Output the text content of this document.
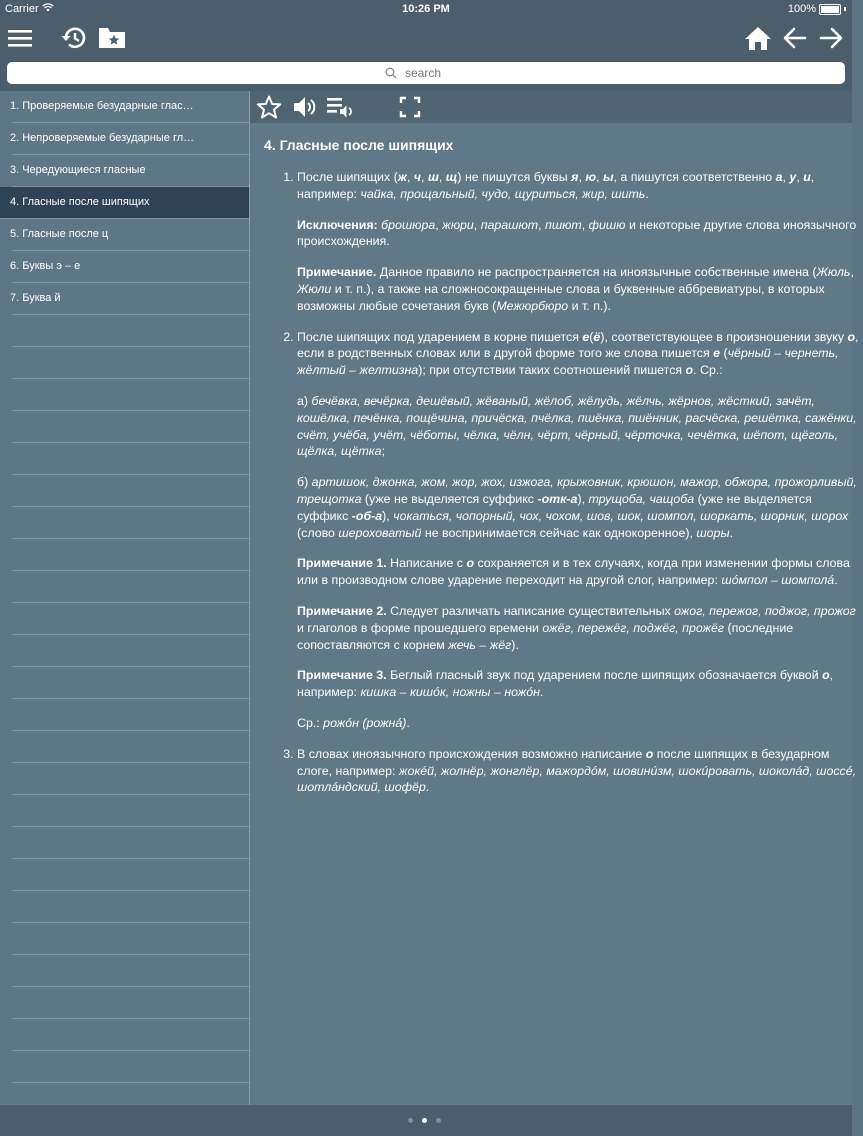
Carrier	10:26 PM	100%
search
1. Проверяемые безударные глас…
2. Непроверяемые безударные гл…
3. Чередующиеся гласные
4. Гласные после шипящих
5. Гласные после ц
6. Буквы э – е
7. Буква й
4. Гласные после шипящих

1. После шипящих (ж, ч, ш, щ) не пишутся буквы я, ю, ы, а пишутся соответственно а, у, и, например: чайка, прощальный, чудо, щуриться, жир, шить.

Исключения: брошюра, жюри, парашют, пшют, фишю и некоторые другие слова иноязычного происхождения.

Примечание. Данное правило не распространяется на иноязычные собственные имена (Жюль, Жюли и т. п.), а также на сложносокращенные слова и буквенные аббревиатуры, в которых возможны любые сочетания букв (Межюрбюро и т. п.).

2. После шипящих под ударением в корне пишется е(ё), соответствующее в произношении звуку о, если в родственных словах или в другой форме того же слова пишется е (чёрный – чернеть, жёлтый – желтизна); при отсутствии таких соотношений пишется о. Ср.:

а) бечёвка, вечёрка, дешёвый, жёваный, жёлоб, жёлудь, жёлчь, жёрнов, жёсткий, зачёт, кошёлка, печёнка, пощёчина, причёска, пчёлка, пшёнка, пшённик, расчёска, решётка, сажёнки, счёт, учёба, учёт, чёботы, чёлка, чёлн, чёрт, чёрный, чёрточка, чечётка, шёпот, щёголь, щёлка, щётка;

б) артишок, джонка, жом, жор, жох, изжога, крыжовник, крюшон, мажор, обжора, прожорливый, трещотка (уже не выделяется суффикс -отк-а), трущоба, чащоба (уже не выделяется суффикс -об-а), чокаться, чопорный, чох, чохом, шов, шок, шомпол, шоркать, шорник, шорох (слово шероховатый не воспринимается сейчас как однокоренное), шоры.

Примечание 1. Написание с о сохраняется и в тех случаях, когда при изменении формы слова или в производном слове ударение переходит на другой слог, например: шóмпол – шомполá.

Примечание 2. Следует различать написание существительных ожог, пережог, поджог, прожог и глаголов в форме прошедшего времени ожёг, пережёг, поджёг, прожёг (последние сопоставляются с корнем жечь – жёг).

Примечание 3. Беглый гласный звук под ударением после шипящих обозначается буквой о, например: кишка – кишóк, ножны – ножóн.

Ср.: рожóн (рожнá).

3. В словах иноязычного происхождения возможно написание о после шипящих в безударном слоге, например: жокéй, жолнёр, жонглёр, мажордóм, шовинúзм, шокúровать, шоколáд, шоссé, шотлáндский, шофёр.
